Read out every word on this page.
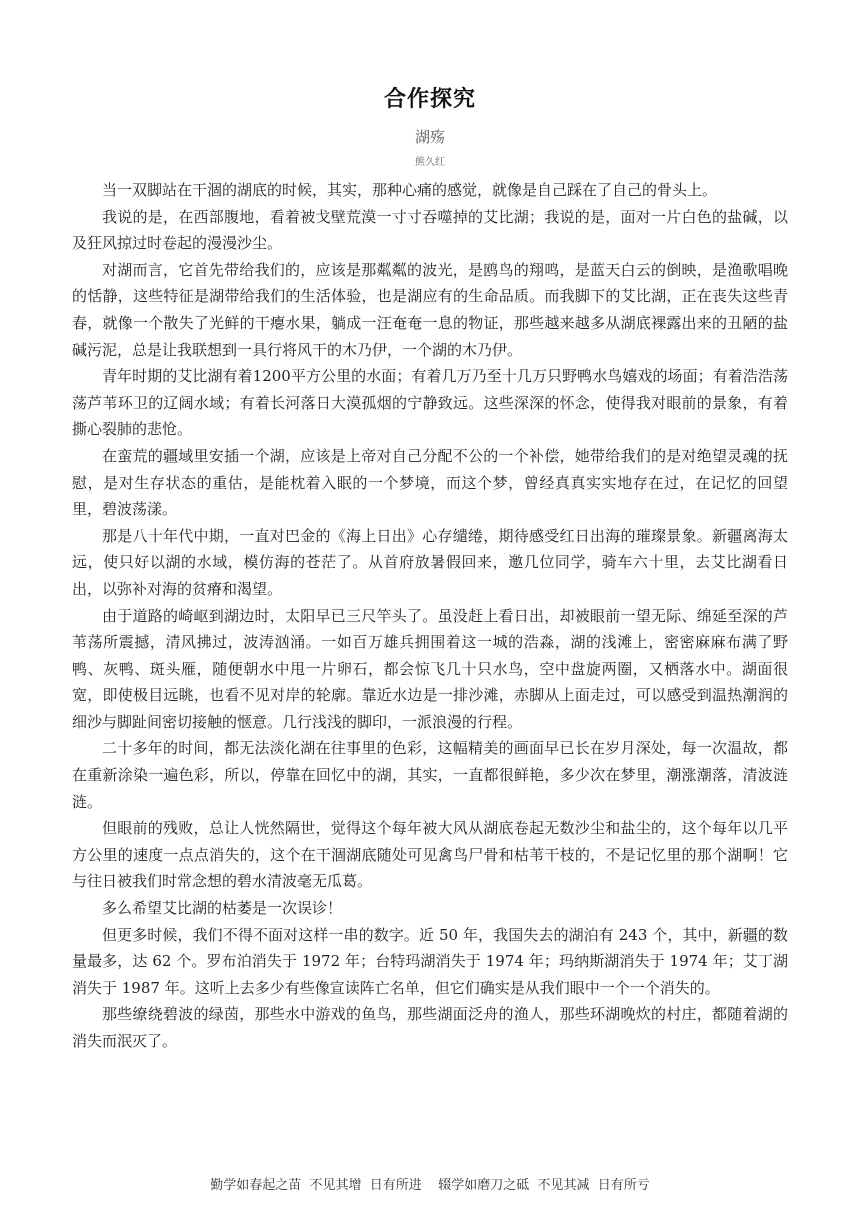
合作探究
湖殇
熊久红

当一双脚站在干涸的湖底的时候，其实，那种心痛的感觉，就像是自己踩在了自己的骨头上。

我说的是，在西部腹地，看着被戈壁荒漠一寸寸吞噬掉的艾比湖；我说的是，面对一片白色的盐碱，以及狂风掠过时卷起的漫漫沙尘。

对湖而言，它首先带给我们的，应该是那粼粼的波光，是鸥鸟的翔鸣，是蓝天白云的倒映，是渔歌唱晚的恬静，这些特征是湖带给我们的生活体验，也是湖应有的生命品质。而我脚下的艾比湖，正在丧失这些青春，就像一个散失了光鲜的干瘪水果，躺成一汪奄奄一息的物证，那些越来越多从湖底裸露出来的丑陋的盐碱污泥，总是让我联想到一具行将风干的木乃伊，一个湖的木乃伊。

青年时期的艾比湖有着1200平方公里的水面；有着几万乃至十几万只野鸭水鸟嬉戏的场面；有着浩浩荡荡芦苇环卫的辽阔水域；有着长河落日大漠孤烟的宁静致远。这些深深的怀念，使得我对眼前的景象，有着撕心裂肺的悲怆。

在蛮荒的疆域里安插一个湖，应该是上帝对自己分配不公的一个补偿，她带给我们的是对绝望灵魂的抚慰，是对生存状态的重估，是能枕着入眠的一个梦境，而这个梦，曾经真真实实地存在过，在记忆的回望里，碧波荡漾。

那是八十年代中期，一直对巴金的《海上日出》心存缱绻，期待感受红日出海的璀璨景象。新疆离海太远，使只好以湖的水域，模仿海的苍茫了。从首府放暑假回来，邀几位同学，骑车六十里，去艾比湖看日出，以弥补对海的贫瘠和渴望。

由于道路的崎岖到湖边时，太阳早已三尺竿头了。虽没赶上看日出，却被眼前一望无际、绵延至深的芦苇荡所震撼，清风拂过，波涛汹涌。一如百万雄兵拥围着这一城的浩淼，湖的浅滩上，密密麻麻布满了野鸭、灰鸭、斑头雁，随便朝水中甩一片卵石，都会惊飞几十只水鸟，空中盘旋两圈，又栖落水中。湖面很宽，即使极目远眺，也看不见对岸的轮廓。靠近水边是一排沙滩，赤脚从上面走过，可以感受到温热潮润的细沙与脚趾间密切接触的惬意。几行浅浅的脚印，一派浪漫的行程。

二十多年的时间，都无法淡化湖在往事里的色彩，这幅精美的画面早已长在岁月深处，每一次温故，都在重新涂染一遍色彩，所以，停靠在回忆中的湖，其实，一直都很鲜艳，多少次在梦里，潮涨潮落，清波涟涟。

但眼前的残败，总让人恍然隔世，觉得这个每年被大风从湖底卷起无数沙尘和盐尘的，这个每年以几平方公里的速度一点点消失的，这个在干涸湖底随处可见禽鸟尸骨和枯苇干枝的，不是记忆里的那个湖啊！它与往日被我们时常念想的碧水清波毫无瓜葛。

多么希望艾比湖的枯萎是一次误诊！

但更多时候，我们不得不面对这样一串的数字。近 50 年，我国失去的湖泊有 243 个，其中，新疆的数量最多，达 62 个。罗布泊消失于 1972 年；台特玛湖消失于 1974 年；玛纳斯湖消失于 1974 年；艾丁湖消失于 1987 年。这听上去多少有些像宣读阵亡名单，但它们确实是从我们眼中一个一个消失的。

那些缭绕碧波的绿茵，那些水中游戏的鱼鸟，那些湖面泛舟的渔人，那些环湖晚炊的村庄，都随着湖的消失而泯灭了。

勤学如春起之苗  不见其增  日有所进    辍学如磨刀之砥  不见其减  日有所亏
